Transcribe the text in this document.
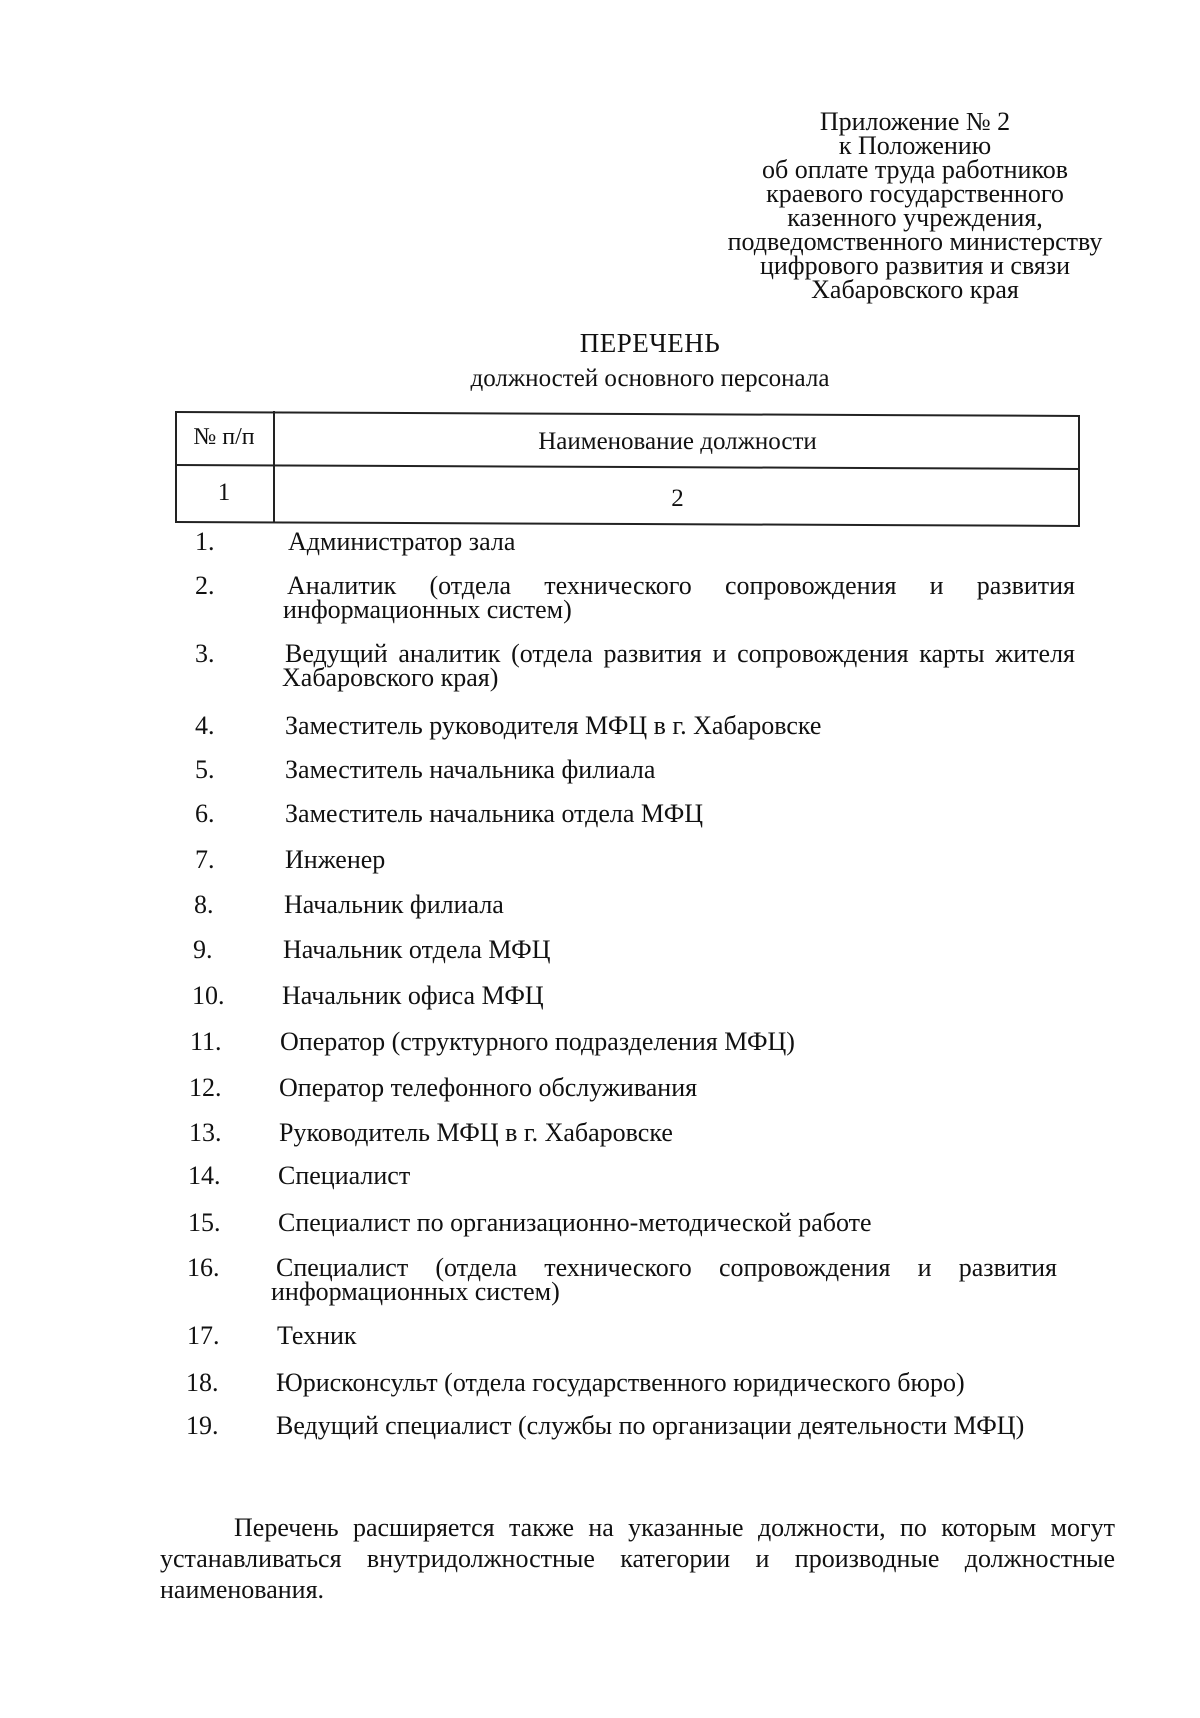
Приложение № 2
к Положению
об оплате труда работников
краевого государственного
казенного учреждения,
подведомственного министерству
цифрового развития и связи
Хабаровского края
ПЕРЕЧЕНЬ
должностей основного персонала
№ п/п	Наименование должности
1	2
1.	Администратор зала
2.	Аналитик (отдела технического сопровождения и развития информационных систем)
3.	Ведущий аналитик (отдела развития и сопровождения карты жителя Хабаровского края)
4.	Заместитель руководителя МФЦ в г. Хабаровске
5.	Заместитель начальника филиала
6.	Заместитель начальника отдела МФЦ
7.	Инженер
8.	Начальник филиала
9.	Начальник отдела МФЦ
10.	Начальник офиса МФЦ
11.	Оператор (структурного подразделения МФЦ)
12.	Оператор телефонного обслуживания
13.	Руководитель МФЦ в г. Хабаровске
14.	Специалист
15.	Специалист по организационно-методической работе
16.	Специалист (отдела технического сопровождения и развития информационных систем)
17.	Техник
18.	Юрисконсульт (отдела государственного юридического бюро)
19.	Ведущий специалист (службы по организации деятельности МФЦ)
Перечень расширяется также на указанные должности, по которым могут устанавливаться внутридолжностные категории и производные должностные наименования.
